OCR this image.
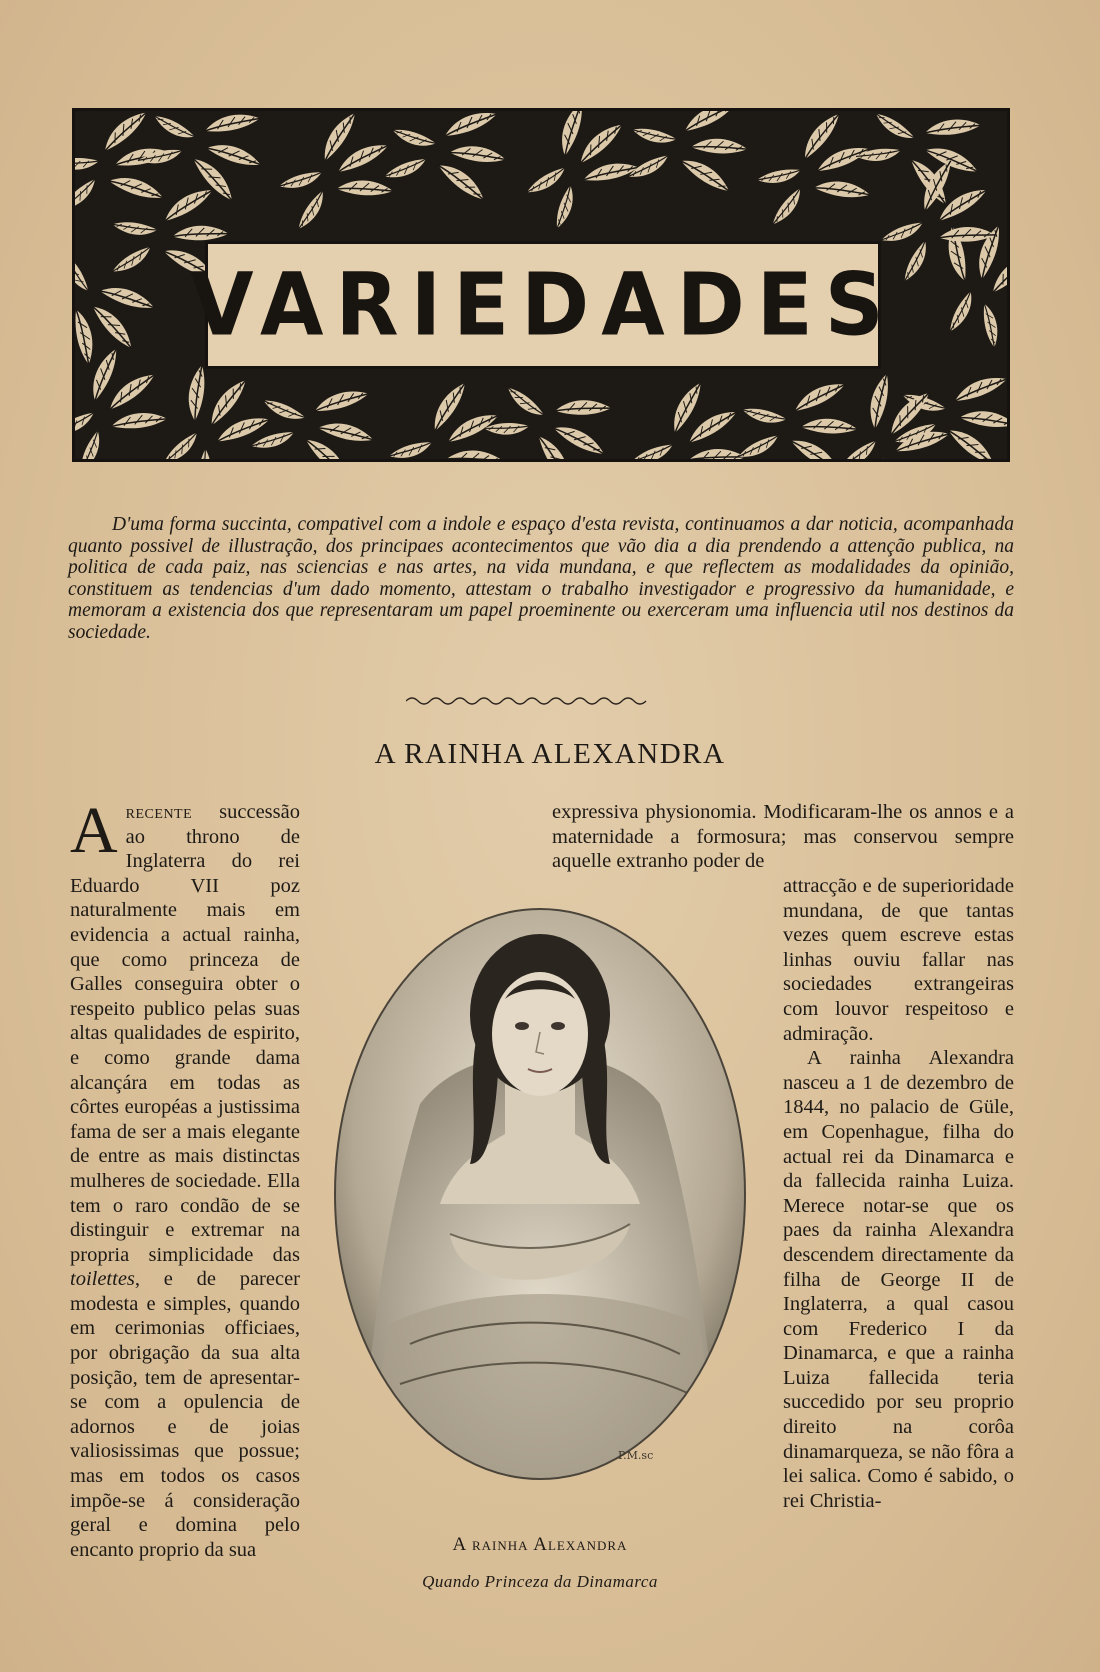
VARIEDADES

D'uma forma succinta, compativel com a indole e espaço d'esta revista, continuamos a dar noticia, acompanhada quanto possivel de illustração, dos principaes acontecimentos que vão dia a dia prendendo a attenção publica, na politica de cada paiz, nas sciencias e nas artes, na vida mundana, e que reflectem as modalidades da opinião, constituem as tendencias d'um dado momento, attestam o trabalho investigador e progressivo da humanidade, e memoram a existencia dos que representaram um papel proeminente ou exerceram uma influencia util nos destinos da sociedade.

A RAINHA ALEXANDRA

expressiva physionomia. Modificaram-lhe os annos e a maternidade a formosura; mas conservou sempre aquelle extranho poder de

Arecente successão ao throno de Inglaterra do rei Eduardo VII poz naturalmente mais em evidencia a actual rainha, que como princeza de Galles conseguira obter o respeito publico pelas suas altas qualidades de espirito, e como grande dama alcançára em todas as côrtes européas a justissima fama de ser a mais elegante de entre as mais distinctas mulheres de sociedade. Ella tem o raro condão de se distinguir e extremar na propria simplicidade das toilettes, e de parecer modesta e simples, quando em cerimonias officiaes, por obrigação da sua alta posição, tem de apresentar-se com a opulencia de adornos e de joias valiosissimas que possue; mas em todos os casos impõe-se á consideração geral e domina pelo encanto proprio da sua

P.M.sc

A rainha Alexandra

Quando Princeza da Dinamarca

attracção e de superioridade mundana, de que tantas vezes quem escreve estas linhas ouviu fallar nas sociedades extrangeiras com louvor respeitoso e admiração.

A rainha Alexandra nasceu a 1 de dezembro de 1844, no palacio de Güle, em Copenhague, filha do actual rei da Dinamarca e da fallecida rainha Luiza. Merece notar-se que os paes da rainha Alexandra descendem directamente da filha de George II de Inglaterra, a qual casou com Frederico I da Dinamarca, e que a rainha Luiza fallecida teria succedido por seu proprio direito na corôa dinamarqueza, se não fôra a lei salica. Como é sabido, o rei Christia-
